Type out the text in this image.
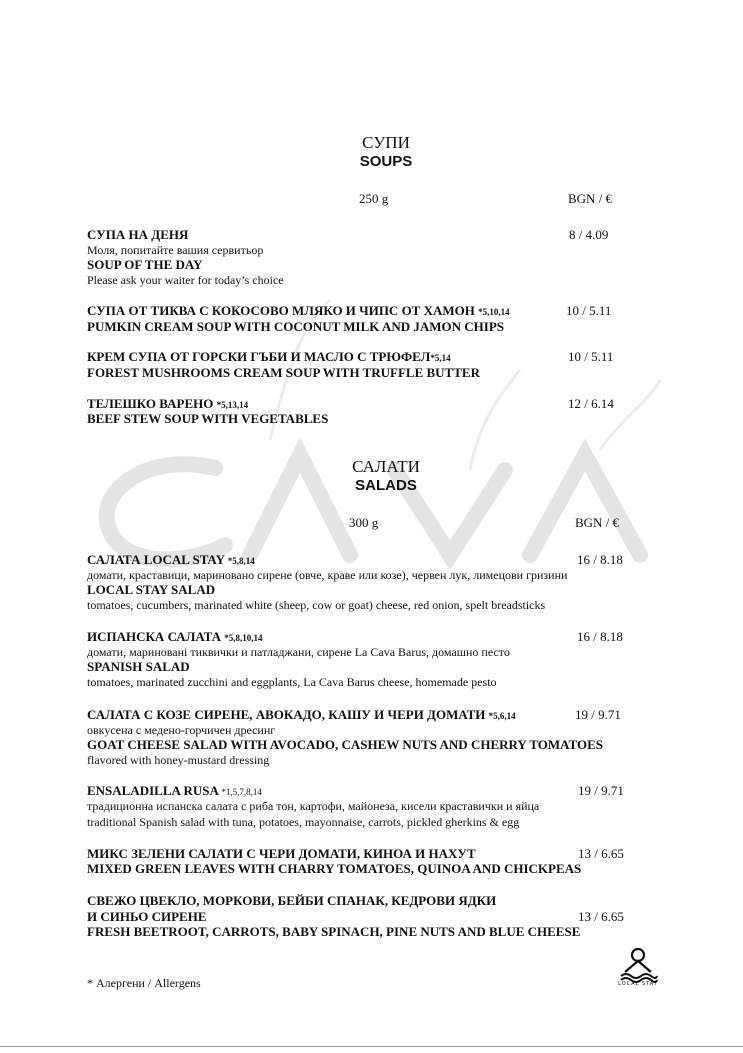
СУПИ
SOUPS
250 g	BGN / €
СУПА НА ДЕНЯ	8 / 4.09
Моля, попитайте вашия сервитьор
SOUP OF THE DAY
Please ask your waiter for today’s choice
СУПА ОТ ТИКВА С КОКОСОВО МЛЯКО И ЧИПС ОТ ХАМОН *5,10,14	10 / 5.11
PUMKIN CREAM SOUP WITH COCONUT MILK AND JAMON CHIPS
КРЕМ СУПА ОТ ГОРСКИ ГЪБИ И МАСЛО С ТРЮФЕЛ*5,14	10 / 5.11
FOREST MUSHROOMS CREAM SOUP WITH TRUFFLE BUTTER
ТЕЛЕШКО ВАРЕНО *5,13,14	12 / 6.14
BEEF STEW SOUP WITH VEGETABLES
САЛАТИ
SALADS
300 g	BGN / €
САЛАТА LOCAL STAY *5,8,14	16 / 8.18
домати, краставици, мариновано сирене (овче, краве или козе), червен лук, лимецови гризини
LOCAL STAY SALAD
tomatoes, cucumbers, marinated white (sheep, cow or goat) cheese, red onion, spelt breadsticks
ИСПАНСКА САЛАТА *5,8,10,14	16 / 8.18
домати, маринованi тиквички и патладжани, сирене La Cava Barus, домашно песто
SPANISH SALAD
tomatoes, marinated zucchini and eggplants, La Cava Barus cheese, homemade pesto
САЛАТА С КОЗЕ СИРЕНЕ, АВОКАДО, КАШУ И ЧЕРИ ДОМАТИ *5,6,14	19 / 9.71
овкусена с медено-горчичен дресинг
GOAT CHEESE SALAD WITH AVOCADO, CASHEW NUTS AND CHERRY TOMATOES
flavored with honey-mustard dressing
ENSALADILLA RUSA *1,5,7,8,14	19 / 9.71
традиционна испанска салата с риба тон, картофи, майонеза, кисели краставички и яйца
traditional Spanish salad with tuna, potatoes, mayonnaise, carrots, pickled gherkins & egg
МИКС ЗЕЛЕНИ САЛАТИ С ЧЕРИ ДОМАТИ, КИНОА И НАХУТ	13 / 6.65
MIXED GREEN LEAVES WITH CHARRY TOMATOES, QUINOA AND CHICKPEAS
СВЕЖО ЦВЕКЛО, МОРКОВИ, БЕЙБИ СПАНАК, КЕДРОВИ ЯДКИ
И СИНЬО СИРЕНЕ	13 / 6.65
FRESH BEETROOT, CARROTS, BABY SPINACH, PINE NUTS AND BLUE CHEESE
* Алергени / Allergens	LOCAL STAY
